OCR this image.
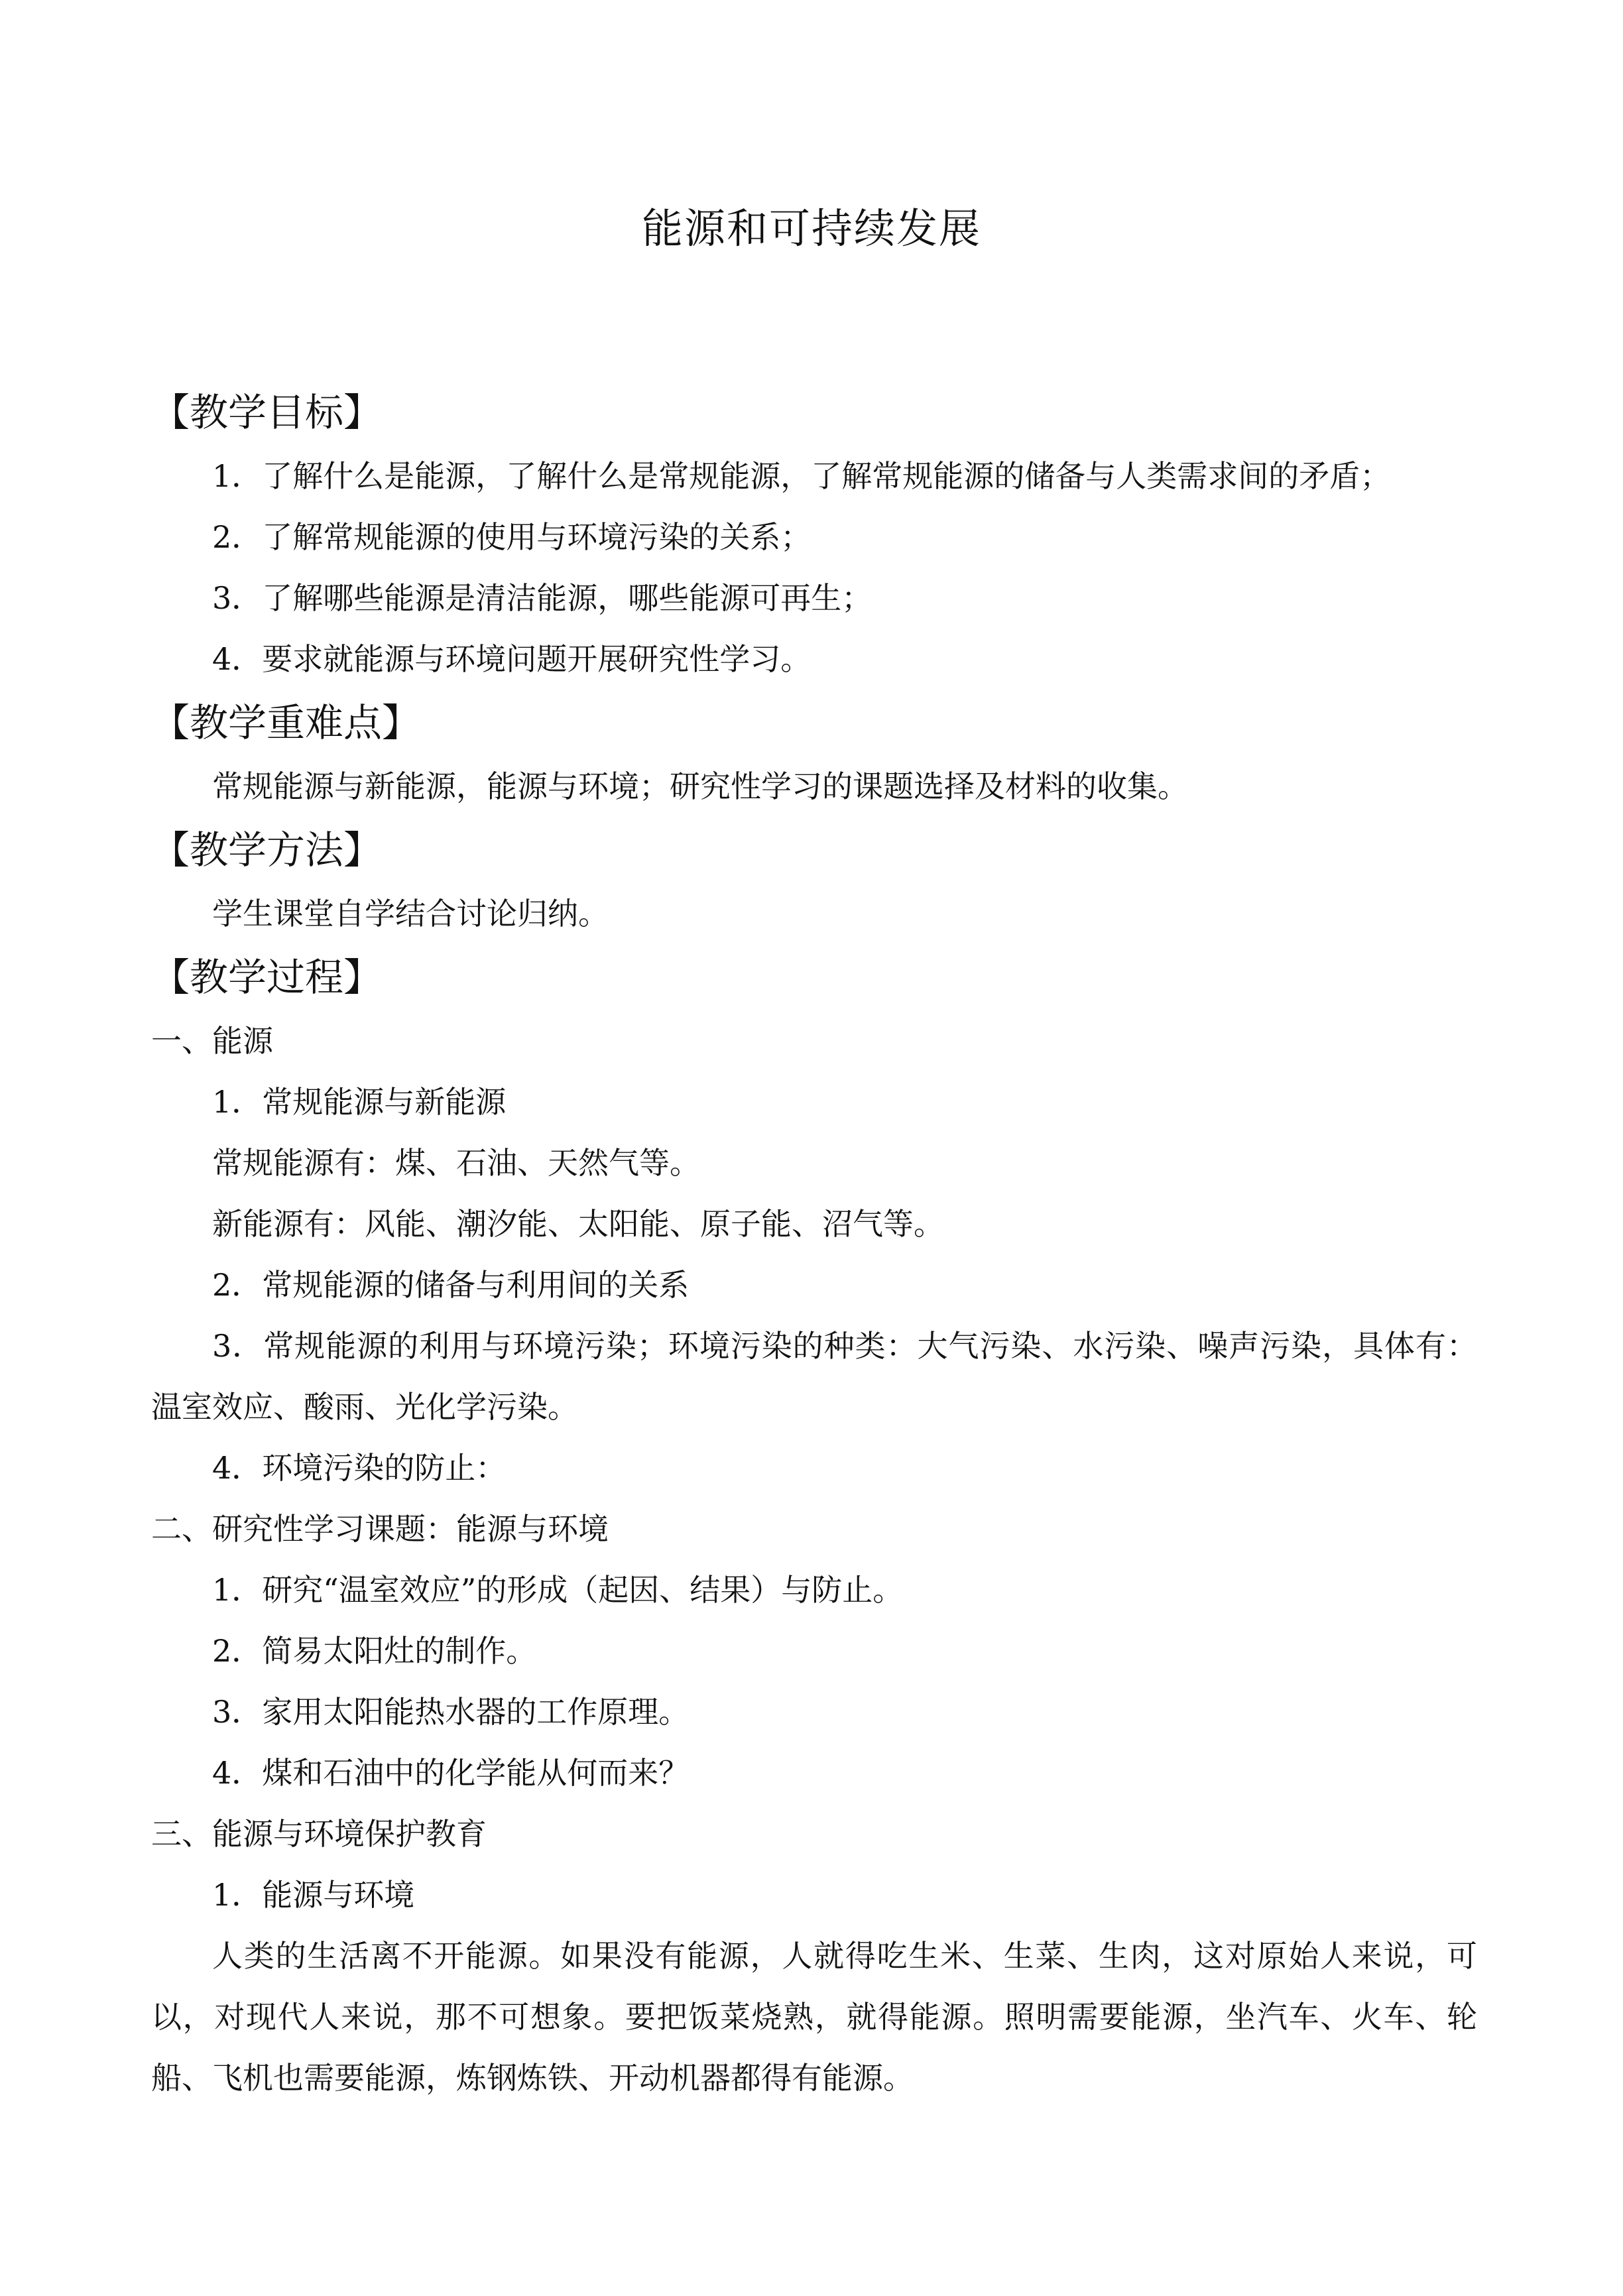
能源和可持续发展
【教学目标】
1．了解什么是能源，了解什么是常规能源，了解常规能源的储备与人类需求间的矛盾；
2．了解常规能源的使用与环境污染的关系；
3．了解哪些能源是清洁能源，哪些能源可再生；
4．要求就能源与环境问题开展研究性学习。
【教学重难点】
常规能源与新能源，能源与环境；研究性学习的课题选择及材料的收集。
【教学方法】
学生课堂自学结合讨论归纳。
【教学过程】
一、能源
1．常规能源与新能源
常规能源有：煤、石油、天然气等。
新能源有：风能、潮汐能、太阳能、原子能、沼气等。
2．常规能源的储备与利用间的关系
3．常规能源的利用与环境污染；环境污染的种类：大气污染、水污染、噪声污染，具体有：温室效应、酸雨、光化学污染。
4．环境污染的防止：
二、研究性学习课题：能源与环境
1．研究“温室效应”的形成（起因、结果）与防止。
2．简易太阳灶的制作。
3．家用太阳能热水器的工作原理。
4．煤和石油中的化学能从何而来？
三、能源与环境保护教育
1．能源与环境
人类的生活离不开能源。如果没有能源，人就得吃生米、生菜、生肉，这对原始人来说，可以，对现代人来说，那不可想象。要把饭菜烧熟，就得能源。照明需要能源，坐汽车、火车、轮船、飞机也需要能源，炼钢炼铁、开动机器都得有能源。
